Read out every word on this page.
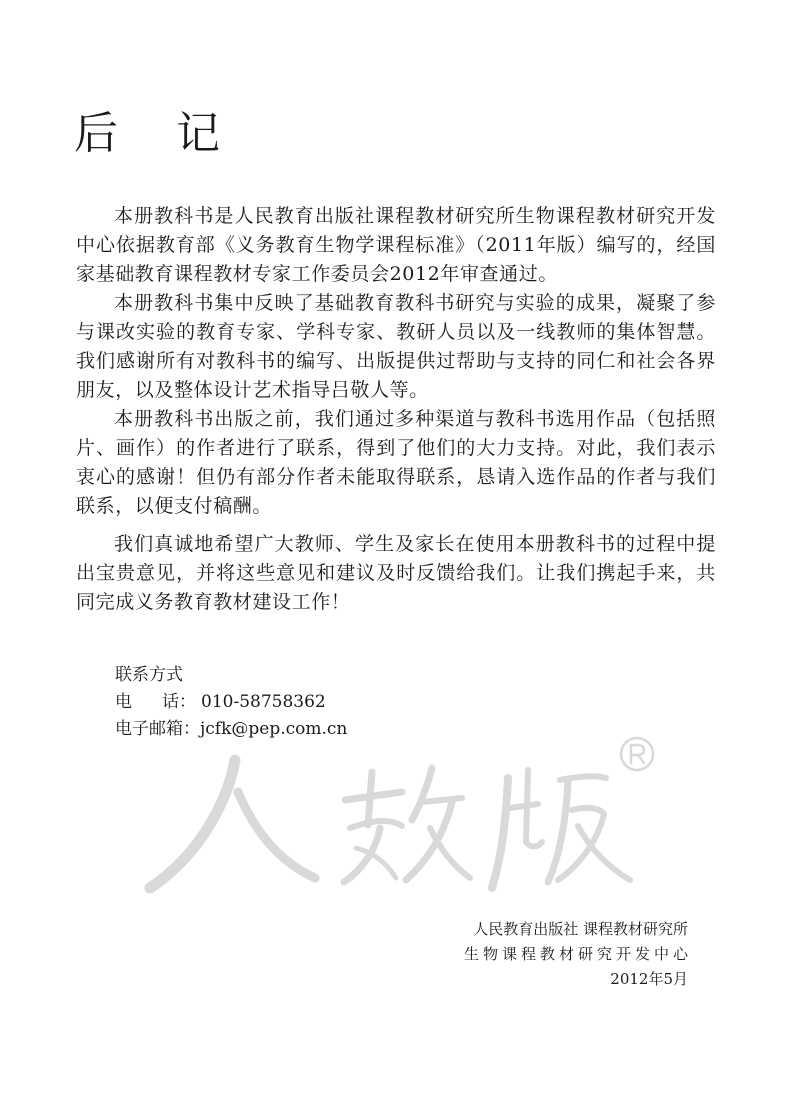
后 记

本册教科书是人民教育出版社课程教材研究所生物课程教材研究开发中心依据教育部《义务教育生物学课程标准》（2011年版）编写的，经国家基础教育课程教材专家工作委员会2012年审查通过。

本册教科书集中反映了基础教育教科书研究与实验的成果，凝聚了参与课改实验的教育专家、学科专家、教研人员以及一线教师的集体智慧。我们感谢所有对教科书的编写、出版提供过帮助与支持的同仁和社会各界朋友，以及整体设计艺术指导吕敬人等。

本册教科书出版之前，我们通过多种渠道与教科书选用作品（包括照片、画作）的作者进行了联系，得到了他们的大力支持。对此，我们表示衷心的感谢！但仍有部分作者未能取得联系，恳请入选作品的作者与我们联系，以便支付稿酬。

我们真诚地希望广大教师、学生及家长在使用本册教科书的过程中提出宝贵意见，并将这些意见和建议及时反馈给我们。让我们携起手来，共同完成义务教育教材建设工作！

联系方式
电 话： 010-58758362
电子邮箱：jcfk@pep.com.cn
人民教育出版社 课程教材研究所
生物课程教材研究开发中心
2012年5月
